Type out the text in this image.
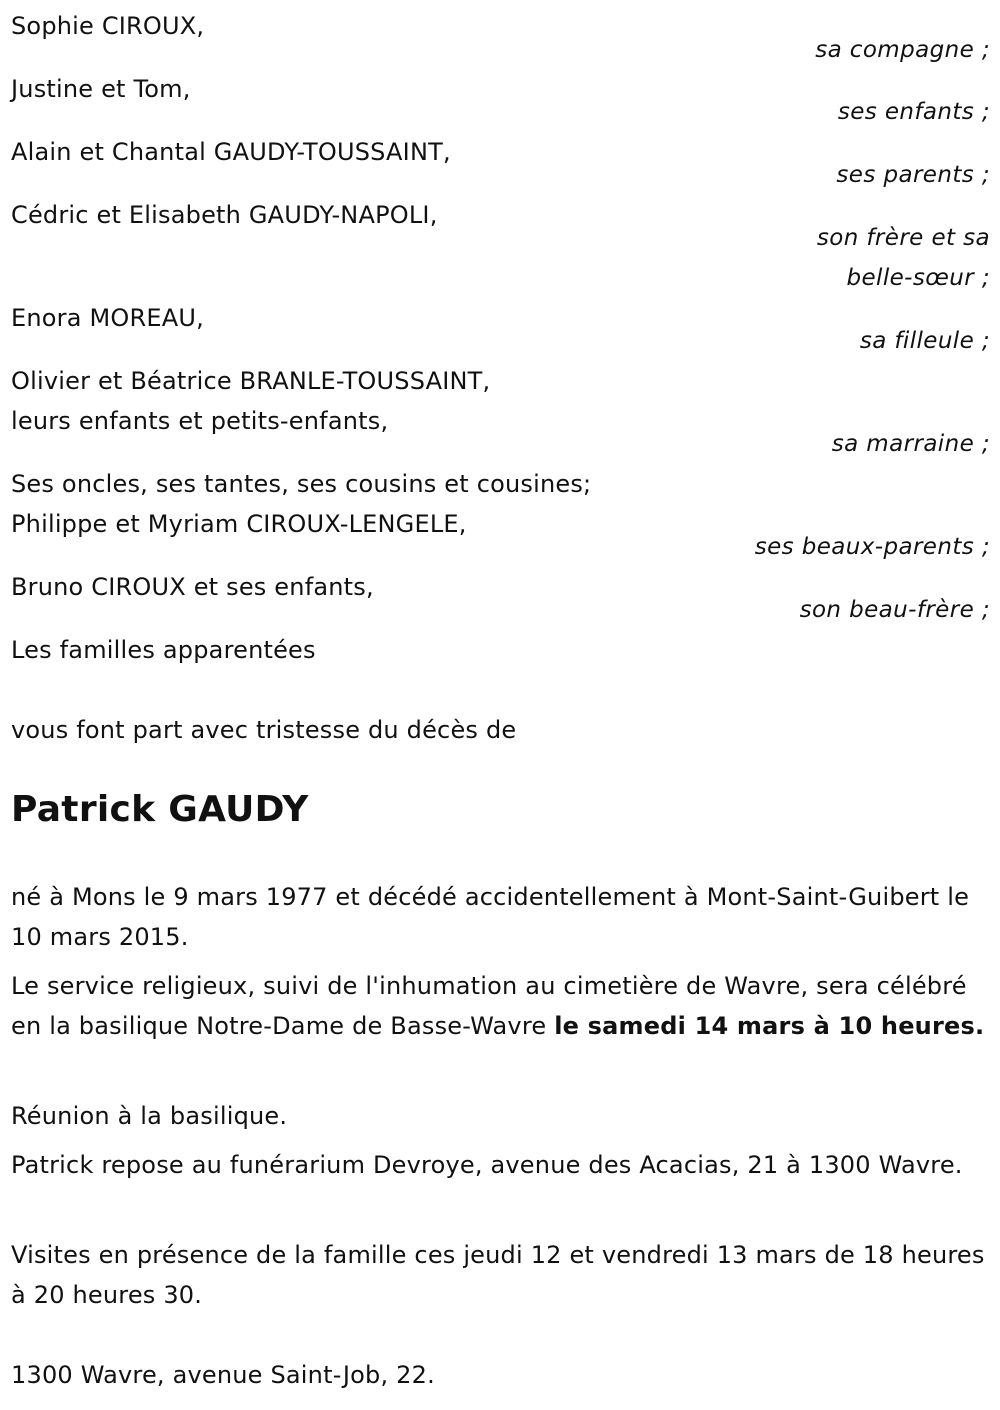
Sophie CIROUX,
sa compagne ;
Justine et Tom,
ses enfants ;
Alain et Chantal GAUDY-TOUSSAINT,
ses parents ;
Cédric et Elisabeth GAUDY-NAPOLI,
son frère et sa
belle-sœur ;
Enora MOREAU,
sa filleule ;
Olivier et Béatrice BRANLE-TOUSSAINT,
leurs enfants et petits-enfants,
sa marraine ;
Ses oncles, ses tantes, ses cousins et cousines;
Philippe et Myriam CIROUX-LENGELE,
ses beaux-parents ;
Bruno CIROUX et ses enfants,
son beau-frère ;
Les familles apparentées
vous font part avec tristesse du décès de
Patrick GAUDY
né à Mons le 9 mars 1977 et décédé accidentellement à Mont-Saint-Guibert le 10 mars 2015.
Le service religieux, suivi de l'inhumation au cimetière de Wavre, sera célébré en la basilique Notre-Dame de Basse-Wavre le samedi 14 mars à 10 heures.
Réunion à la basilique.
Patrick repose au funérarium Devroye, avenue des Acacias, 21 à 1300 Wavre.
Visites en présence de la famille ces jeudi 12 et vendredi 13 mars de 18 heures à 20 heures 30.
1300 Wavre, avenue Saint-Job, 22.
